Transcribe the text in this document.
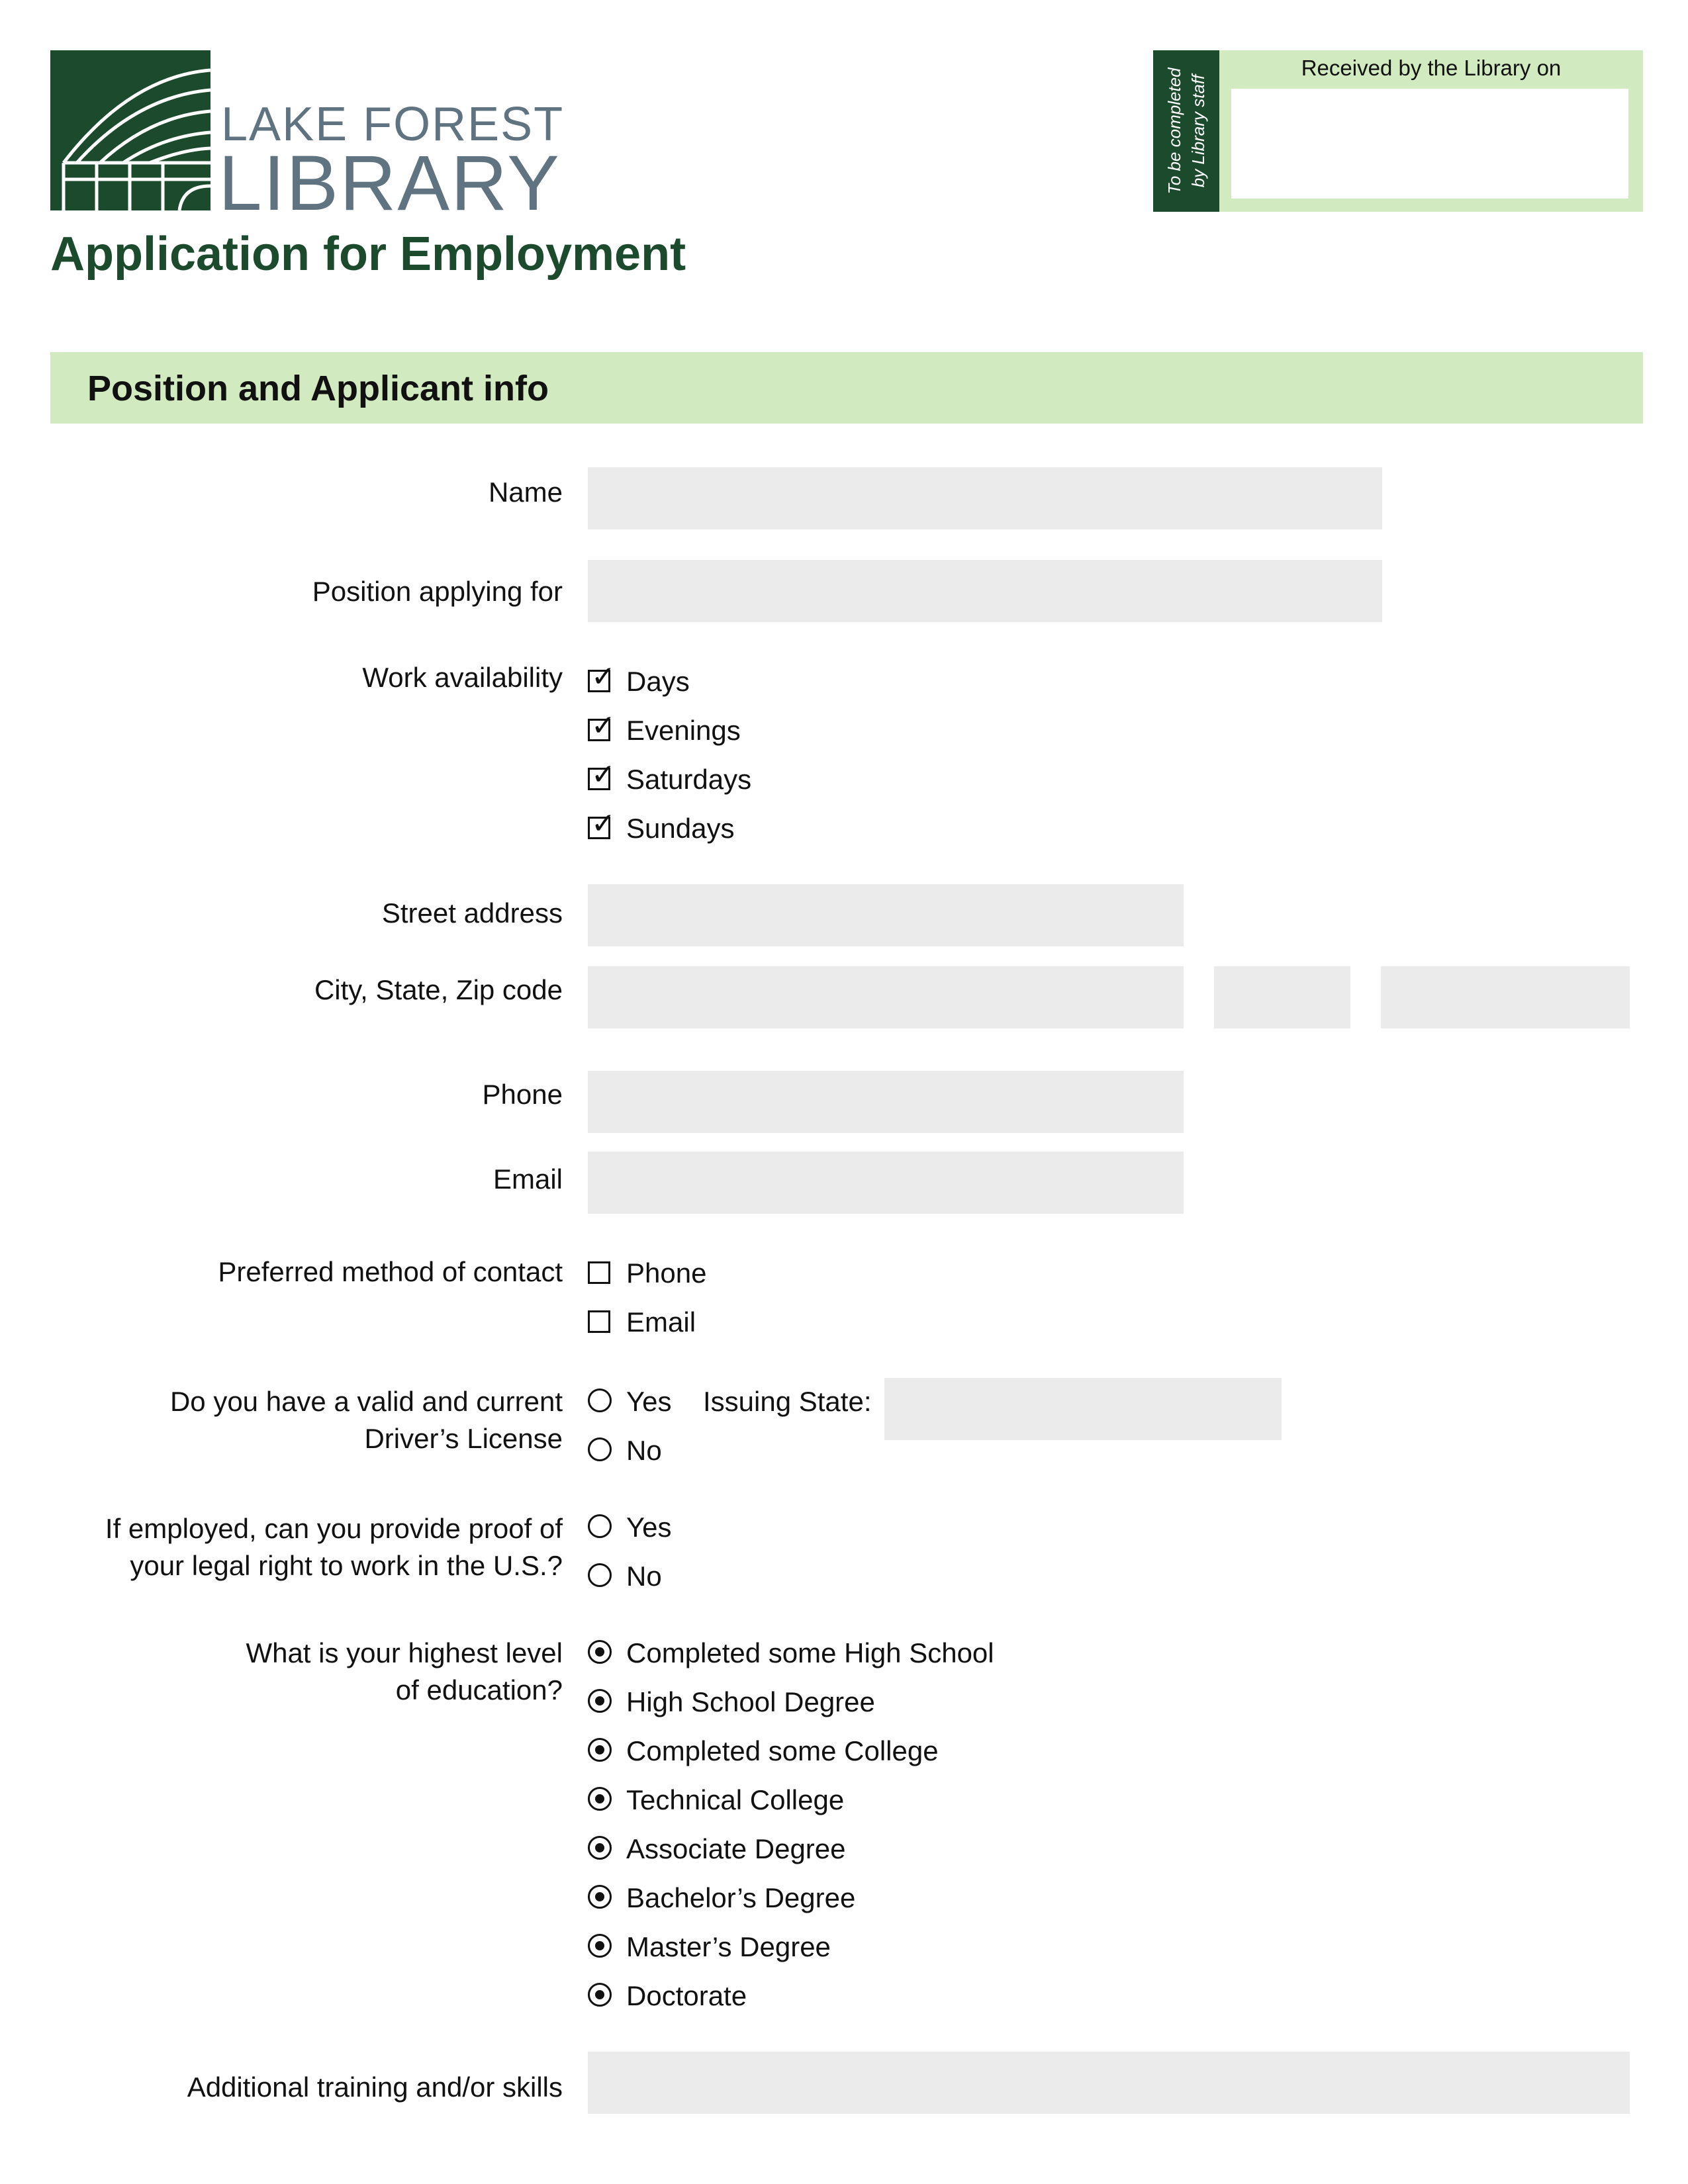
LAKE FOREST
LIBRARY
Application for Employment
To be completed by Library staff
Received by the Library on
Position and Applicant info
Name
Position applying for
Work availability ✓ Days
✓ Evenings
✓ Saturdays
✓ Sundays
Street address
City, State, Zip code
Phone
Email
Preferred method of contact Phone
Email
Do you have a valid and current
Driver’s License
Yes Issuing State:
No
If employed, can you provide proof of
your legal right to work in the U.S.?
Yes
No
What is your highest level
of education?
Completed some High School
High School Degree
Completed some College
Technical College
Associate Degree
Bachelor’s Degree
Master’s Degree
Doctorate
Additional training and/or skills
